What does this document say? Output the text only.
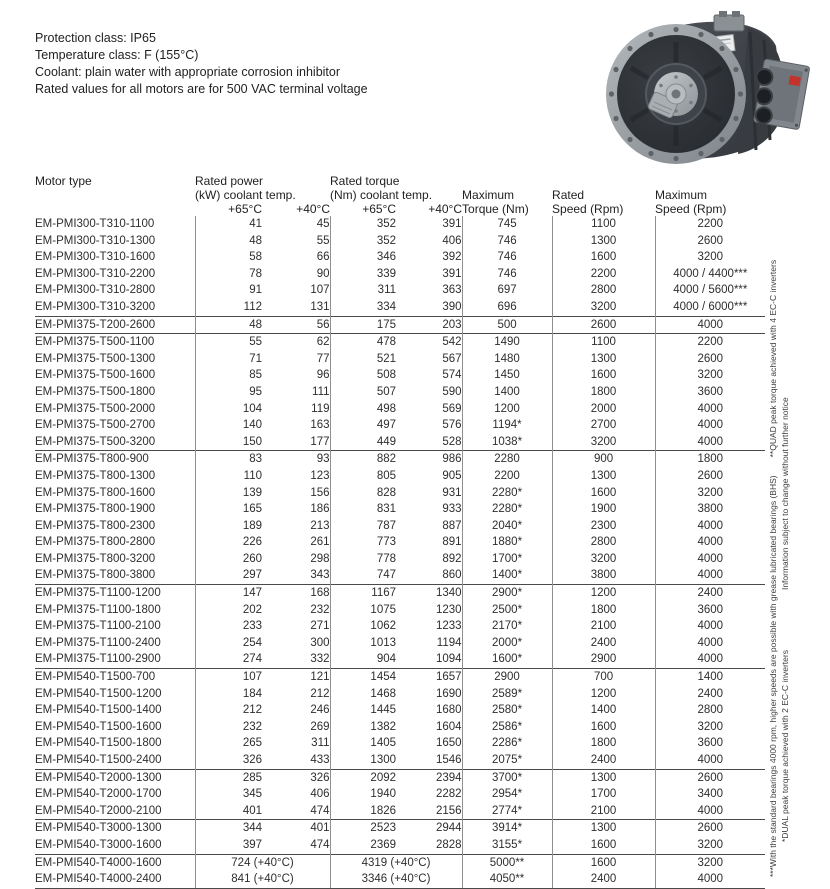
Protection class: IP65
Temperature class: F (155°C)
Coolant: plain water with appropriate corrosion inhibitor
Rated values for all motors are for 500 VAC terminal voltage
Motor type	Rated power		Rated torque				
	(kW) coolant temp.		(Nm) coolant temp.		Maximum	Rated	Maximum
	+65°C	+40°C	+65°C	+40°C	Torque (Nm)	Speed (Rpm)	Speed (Rpm)
EM-PMI300-T310-1100	41	45	352	391	745	1100	2200
EM-PMI300-T310-1300	48	55	352	406	746	1300	2600
EM-PMI300-T310-1600	58	66	346	392	746	1600	3200
EM-PMI300-T310-2200	78	90	339	391	746	2200	4000 / 4400***
EM-PMI300-T310-2800	91	107	311	363	697	2800	4000 / 5600***
EM-PMI300-T310-3200	112	131	334	390	696	3200	4000 / 6000***
EM-PMI375-T200-2600	48	56	175	203	500	2600	4000
EM-PMI375-T500-1100	55	62	478	542	1490	1100	2200
EM-PMI375-T500-1300	71	77	521	567	1480	1300	2600
EM-PMI375-T500-1600	85	96	508	574	1450	1600	3200
EM-PMI375-T500-1800	95	111	507	590	1400	1800	3600
EM-PMI375-T500-2000	104	119	498	569	1200	2000	4000
EM-PMI375-T500-2700	140	163	497	576	1194*	2700	4000
EM-PMI375-T500-3200	150	177	449	528	1038*	3200	4000
EM-PMI375-T800-900	83	93	882	986	2280	900	1800
EM-PMI375-T800-1300	110	123	805	905	2200	1300	2600
EM-PMI375-T800-1600	139	156	828	931	2280*	1600	3200
EM-PMI375-T800-1900	165	186	831	933	2280*	1900	3800
EM-PMI375-T800-2300	189	213	787	887	2040*	2300	4000
EM-PMI375-T800-2800	226	261	773	891	1880*	2800	4000
EM-PMI375-T800-3200	260	298	778	892	1700*	3200	4000
EM-PMI375-T800-3800	297	343	747	860	1400*	3800	4000
EM-PMI375-T1100-1200	147	168	1167	1340	2900*	1200	2400
EM-PMI375-T1100-1800	202	232	1075	1230	2500*	1800	3600
EM-PMI375-T1100-2100	233	271	1062	1233	2170*	2100	4000
EM-PMI375-T1100-2400	254	300	1013	1194	2000*	2400	4000
EM-PMI375-T1100-2900	274	332	904	1094	1600*	2900	4000
EM-PMI540-T1500-700	107	121	1454	1657	2900	700	1400
EM-PMI540-T1500-1200	184	212	1468	1690	2589*	1200	2400
EM-PMI540-T1500-1400	212	246	1445	1680	2580*	1400	2800
EM-PMI540-T1500-1600	232	269	1382	1604	2586*	1600	3200
EM-PMI540-T1500-1800	265	311	1405	1650	2286*	1800	3600
EM-PMI540-T1500-2400	326	433	1300	1546	2075*	2400	4000
EM-PMI540-T2000-1300	285	326	2092	2394	3700*	1300	2600
EM-PMI540-T2000-1700	345	406	1940	2282	2954*	1700	3400
EM-PMI540-T2000-2100	401	474	1826	2156	2774*	2100	4000
EM-PMI540-T3000-1300	344	401	2523	2944	3914*	1300	2600
EM-PMI540-T3000-1600	397	474	2369	2828	3155*	1600	3200
EM-PMI540-T4000-1600	724 (+40°C)		4319 (+40°C)		5000**	1600	3200
EM-PMI540-T4000-2400	841 (+40°C)		3346 (+40°C)		4050**	2400	4000
***With the standard bearings 4000 rpm, higher speeds are possible with grease lubricated bearings (BHS)**QUAD peak torque achieved with 4 EC-C inverters
*DUAL peak torque achieved with 2 EC-C invertersInformation subject to change without further notice
